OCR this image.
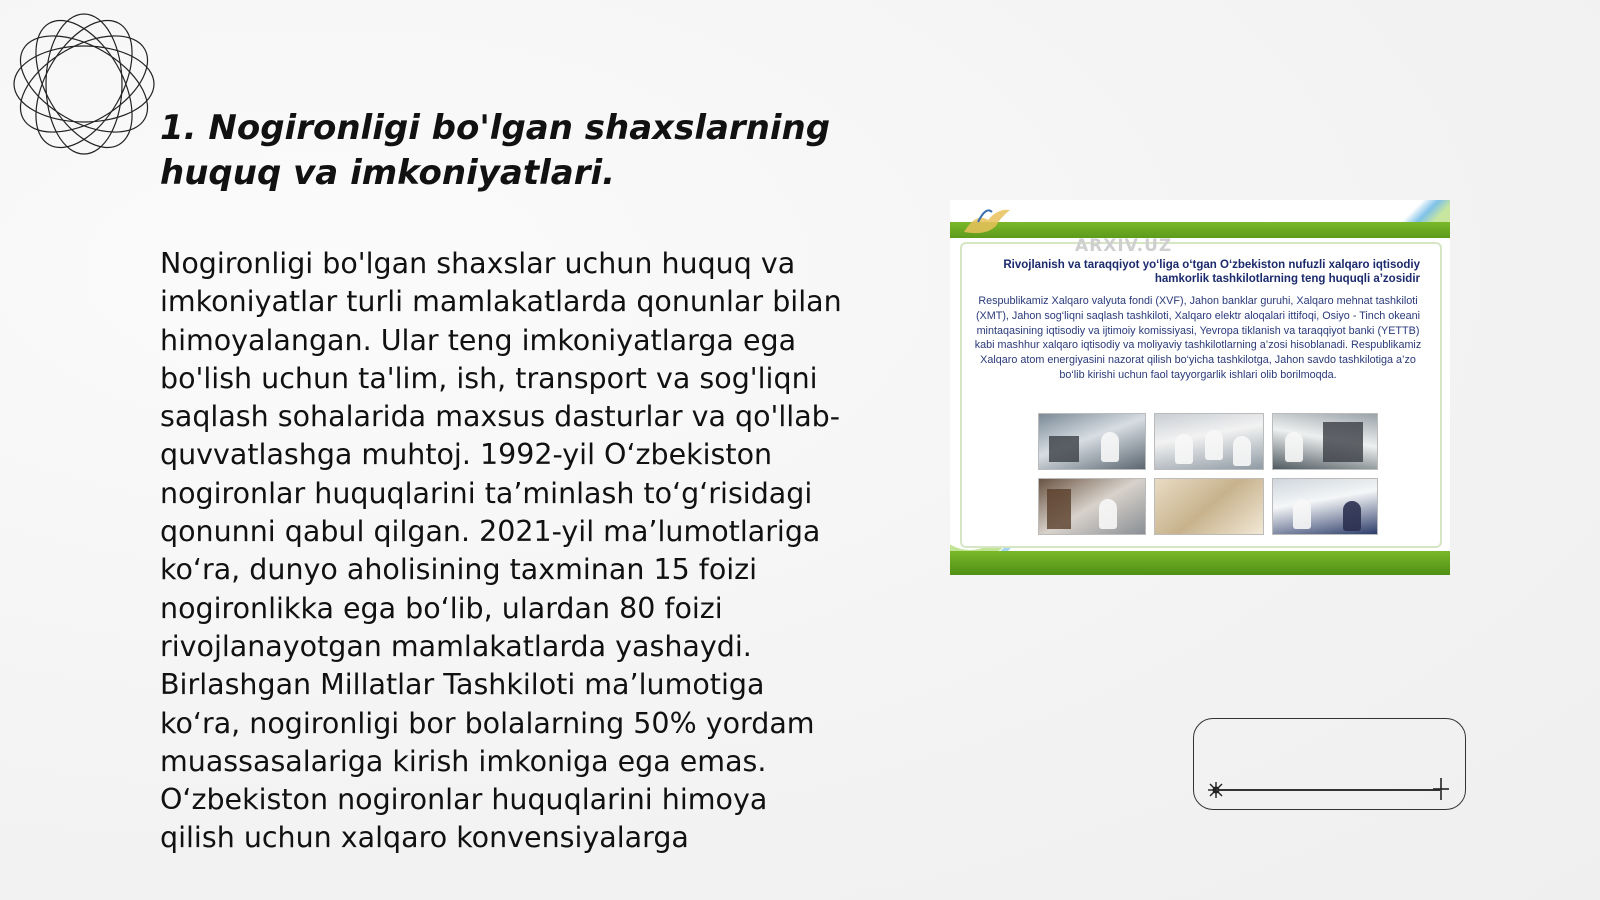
1. Nogironligi bo'lgan shaxslarning huquq va imkoniyatlari.
Nogironligi bo'lgan shaxslar uchun huquq va imkoniyatlar turli mamlakatlarda qonunlar bilan himoyalangan. Ular teng imkoniyatlarga ega bo'lish uchun ta'lim, ish, transport va sog'liqni saqlash sohalarida maxsus dasturlar va qo'llab-quvvatlashga muhtoj. 1992-yil O‘zbekiston nogironlar huquqlarini ta’minlash to‘g‘risidagi qonunni qabul qilgan. 2021-yil ma’lumotlariga ko‘ra, dunyo aholisining taxminan 15 foizi nogironlikka ega bo‘lib, ulardan 80 foizi rivojlanayotgan mamlakatlarda yashaydi. Birlashgan Millatlar Tashkiloti ma’lumotiga ko‘ra, nogironligi bor bolalarning 50% yordam muassasalariga kirish imkoniga ega emas. O‘zbekiston nogironlar huquqlarini himoya qilish uchun xalqaro konvensiyalarga
ARXIV.UZ
Rivojlanish va taraqqiyot yo‘liga o‘tgan O‘zbekiston nufuzli xalqaro iqtisodiy hamkorlik tashkilotlarning teng huquqli a’zosidir
Respublikamiz Xalqaro valyuta fondi (XVF), Jahon banklar guruhi, Xalqaro mehnat tashkiloti (XMT), Jahon sog‘liqni saqlash tashkiloti, Xalqaro elektr aloqalari ittifoqi, Osiyo - Tinch okeani mintaqasining iqtisodiy va ijtimoiy komissiyasi, Yevropa tiklanish va taraqqiyot banki (YETTB) kabi mashhur xalqaro iqtisodiy va moliyaviy tashkilotlarning a’zosi hisoblanadi. Respublikamiz Xalqaro atom energiyasini nazorat qilish bo‘yicha tashkilotga, Jahon savdo tashkilotiga a’zo bo‘lib kirishi uchun faol tayyorgarlik ishlari olib borilmoqda.
